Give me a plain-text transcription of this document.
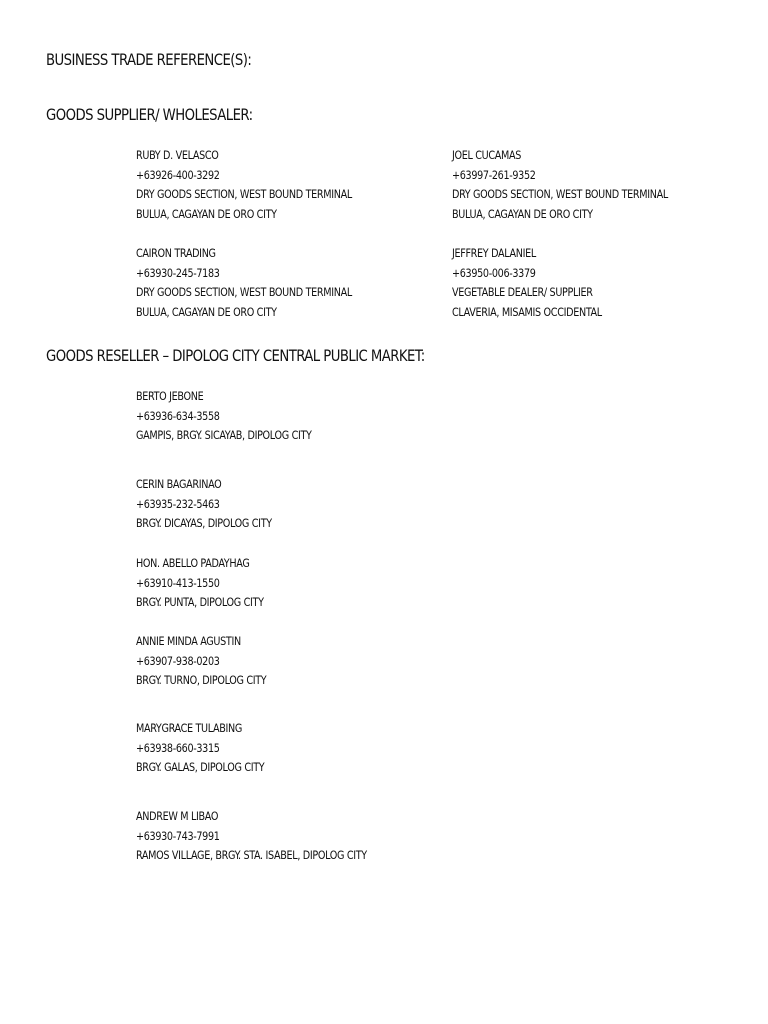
BUSINESS TRADE REFERENCE(S):
GOODS SUPPLIER/ WHOLESALER:
RUBY D. VELASCO
+63926-400-3292
DRY GOODS SECTION, WEST BOUND TERMINAL
BULUA, CAGAYAN DE ORO CITY
JOEL CUCAMAS
+63997-261-9352
DRY GOODS SECTION, WEST BOUND TERMINAL
BULUA, CAGAYAN DE ORO CITY
CAIRON TRADING
+63930-245-7183
DRY GOODS SECTION, WEST BOUND TERMINAL
BULUA, CAGAYAN DE ORO CITY
JEFFREY DALANIEL
+63950-006-3379
VEGETABLE DEALER/ SUPPLIER
CLAVERIA, MISAMIS OCCIDENTAL
GOODS RESELLER – DIPOLOG CITY CENTRAL PUBLIC MARKET:
BERTO JEBONE
+63936-634-3558
GAMPIS, BRGY. SICAYAB, DIPOLOG CITY
CERIN BAGARINAO
+63935-232-5463
BRGY. DICAYAS, DIPOLOG CITY
HON. ABELLO PADAYHAG
+63910-413-1550
BRGY. PUNTA, DIPOLOG CITY
ANNIE MINDA AGUSTIN
+63907-938-0203
BRGY. TURNO, DIPOLOG CITY
MARYGRACE TULABING
+63938-660-3315
BRGY. GALAS, DIPOLOG CITY
ANDREW M LIBAO
+63930-743-7991
RAMOS VILLAGE, BRGY. STA. ISABEL, DIPOLOG CITY
